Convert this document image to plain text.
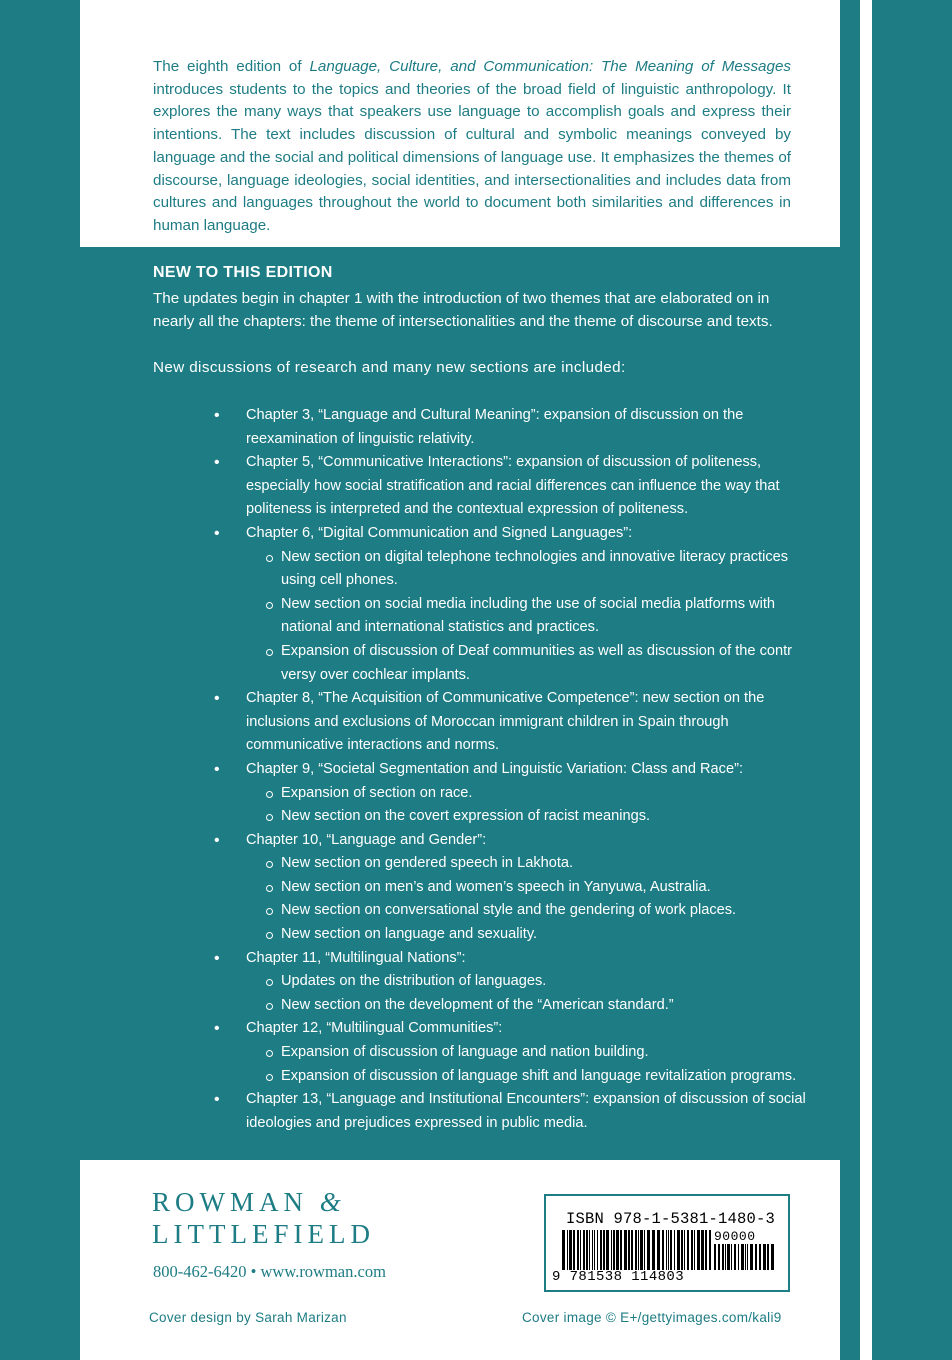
The eighth edition of Language, Culture, and Communication: The Meaning of Messages introduces students to the topics and theories of the broad field of linguistic anthropology. It explores the many ways that speakers use language to accomplish goals and express their intentions. The text includes discussion of cultural and symbolic meanings conveyed by language and the social and political dimensions of language use. It emphasizes the themes of discourse, language ideologies, social identities, and intersectionalities and includes data from cultures and languages throughout the world to document both similarities and differences in human language.

NEW TO THIS EDITION

The updates begin in chapter 1 with the introduction of two themes that are elaborated on in nearly all the chapters: the theme of intersectionalities and the theme of discourse and texts.

New discussions of research and many new sections are included:

• Chapter 3, “Language and Cultural Meaning”: expansion of discussion on the reexamination of linguistic relativity.
• Chapter 5, “Communicative Interactions”: expansion of discussion of politeness, especially how social stratification and racial differences can influence the way that politeness is interpreted and the contextual expression of politeness.
• Chapter 6, “Digital Communication and Signed Languages”:
New section on digital telephone technologies and innovative literacy practices using cell phones.
New section on social media including the use of social media platforms with national and international statistics and practices.
Expansion of discussion of Deaf communities as well as discussion of the contr versy over cochlear implants.
• Chapter 8, “The Acquisition of Communicative Competence”: new section on the inclusions and exclusions of Moroccan immigrant children in Spain through communicative interactions and norms.
• Chapter 9, “Societal Segmentation and Linguistic Variation: Class and Race”:
Expansion of section on race.
New section on the covert expression of racist meanings.
• Chapter 10, “Language and Gender”:
New section on gendered speech in Lakhota.
New section on men’s and women’s speech in Yanyuwa, Australia.
New section on conversational style and the gendering of work places.
New section on language and sexuality.
• Chapter 11, “Multilingual Nations”:
Updates on the distribution of languages.
New section on the development of the “American standard.”
• Chapter 12, “Multilingual Communities”:
Expansion of discussion of language and nation building.
Expansion of discussion of language shift and language revitalization programs.
• Chapter 13, “Language and Institutional Encounters”: expansion of discussion of social ideologies and prejudices expressed in public media.
ROWMAN &
LITTLEFIELD
800-462-6420 • www.rowman.com
ISBN 978-1-5381-1480-3
90000
9 781538 114803
Cover design by Sarah Marizan	Cover image © E+/gettyimages.com/kali9
